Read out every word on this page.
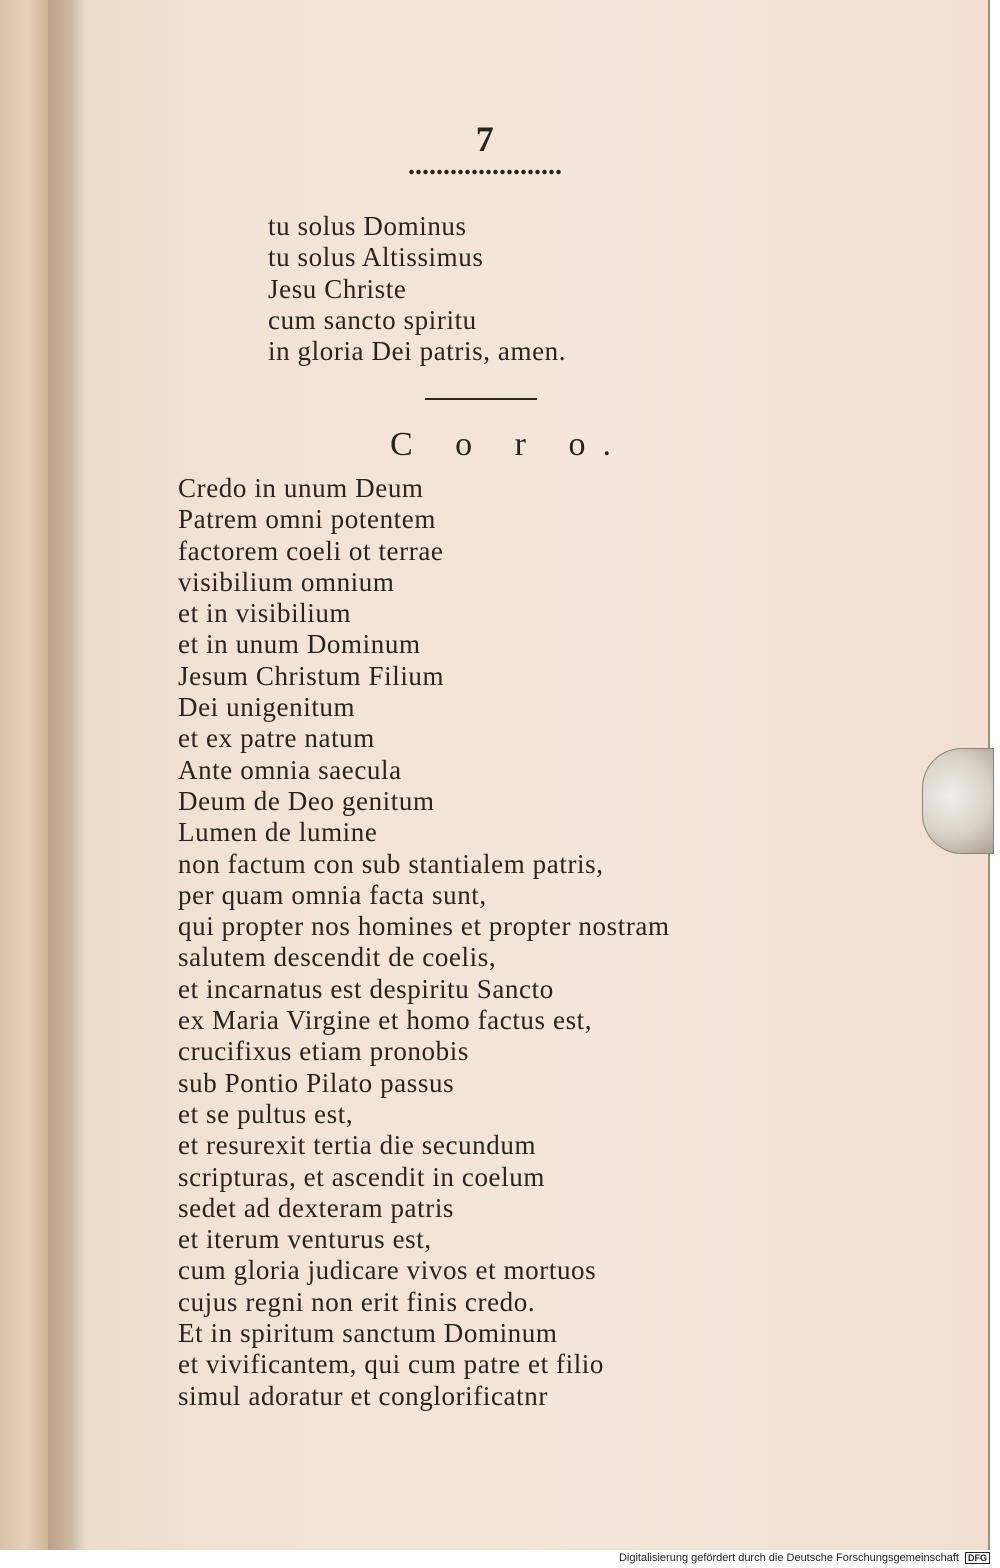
7
tu solus Dominus
tu solus Altissimus
Jesu Christe
cum sancto spiritu
in gloria Dei patris, amen.
C o r o.
Credo in unum Deum
Patrem omni potentem
factorem coeli ot terrae
visibilium omnium
et in visibilium
et in unum Dominum
Jesum Christum Filium
Dei unigenitum
et ex patre natum
Ante omnia saecula
Deum de Deo genitum
Lumen de lumine
non factum con sub stantialem patris,
per quam omnia facta sunt,
qui propter nos homines et propter nostram
salutem descendit de coelis,
et incarnatus est despiritu Sancto
ex Maria Virgine et homo factus est,
crucifixus etiam pronobis
sub Pontio Pilato passus
et se pultus est,
et resurexit tertia die secundum
scripturas, et ascendit in coelum
sedet ad dexteram patris
et iterum venturus est,
cum gloria judicare vivos et mortuos
cujus regni non erit finis credo.
Et in spiritum sanctum Dominum
et vivificantem, qui cum patre et filio
simul adoratur et conglorificatnr
Digitalisierung gefördert durch die Deutsche Forschungsgemeinschaft DFG
